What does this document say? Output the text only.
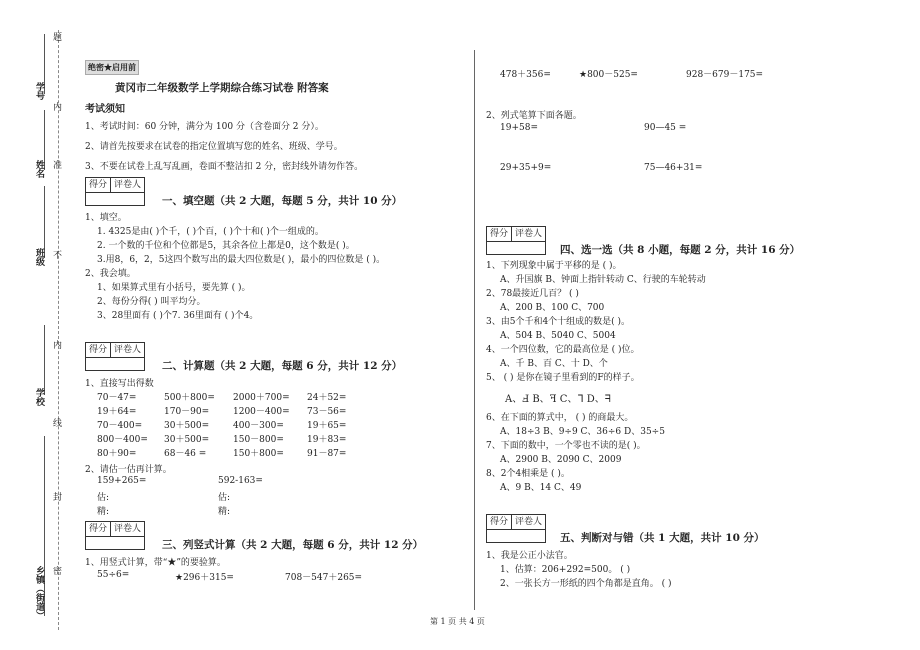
题
学号
内
姓名 准
班级 不
内
学校
线
封
乡镇（街道） 密
绝密★启用前
黄冈市二年级数学上学期综合练习试卷 附答案
考试须知
1、考试时间：60 分钟，满分为 100 分（含卷面分 2 分）。
2、请首先按要求在试卷的指定位置填写您的姓名、班级、学号。
3、不要在试卷上乱写乱画，卷面不整洁扣 2 分，密封线外请勿作答。
得分 评卷人
一、填空题（共 2 大题，每题 5 分，共计 10 分）
1、填空。
1. 4325是由( )个千，( )个百，( )个十和( )个一组成的。
2. 一个数的千位和个位都是5，其余各位上都是0，这个数是( )。
3.用8，6，2，5这四个数写出的最大四位数是( )，最小的四位数是 ( )。
2、我会填。
1、如果算式里有小括号，要先算 ( )。
2、每份分得( ) 叫平均分。
3、28里面有 ( )个7. 36里面有 ( )个4。
得分 评卷人
二、计算题（共 2 大题，每题 6 分，共计 12 分）
1、直接写出得数
70－47=	500＋800= 2000＋700= 24＋52=
19＋64=	170－90=	1200－400= 73－56=
70－400= 30＋500=	400－300=	19＋65=
800－400= 30＋500=	150－800=	19＋83=
80＋90=	68－46 =	150＋800=	91－87=
2、请估一估再计算。
159+265=	592-163=
估:	估:
精:	精:
得分 评卷人
三、列竖式计算（共 2 大题，每题 6 分，共计 12 分）
1、用竖式计算，带“★”的要验算。
55÷6=	★296＋315=	708－547＋265=
478＋356=	★800－525=	928－679－175=
2、列式笔算下面各题。
19+58=	90—45 =
29+35+9=	75—46+31=
得分 评卷人
四、选一选（共 8 小题，每题 2 分，共计 16 分）
1、下列现象中属于平移的是 ( )。
A、升国旗 B、钟面上指针转动 C、行驶的车轮转动
2、78最接近几百？ ( )
A、200 B、100 C、700
3、由5个千和4个十组成的数是( )。
A、504 B、5040 C、5004
4、一个四位数，它的最高位是 ( )位。
A、千 B、百 C、十 D、个
5、 ( ) 是你在镜子里看到的F的样子。
A、Ⅎ B、ꟻ C、ᒣ D、ᖷ
6、在下面的算式中， ( ) 的商最大。
A、18÷3 B、9÷9 C、36÷6 D、35÷5
7、下面的数中，一个零也不读的是( )。
A、2900 B、2090 C、2009
8、2个4相乘是 ( )。
A、9 B、14 C、49
得分 评卷人
五、判断对与错（共 1 大题，共计 10 分）
1、我是公正小法官。
1、估算：206+292=500。 ( )
2、一张长方一形纸的四个角都是直角。 ( )
第 1 页 共 4 页
